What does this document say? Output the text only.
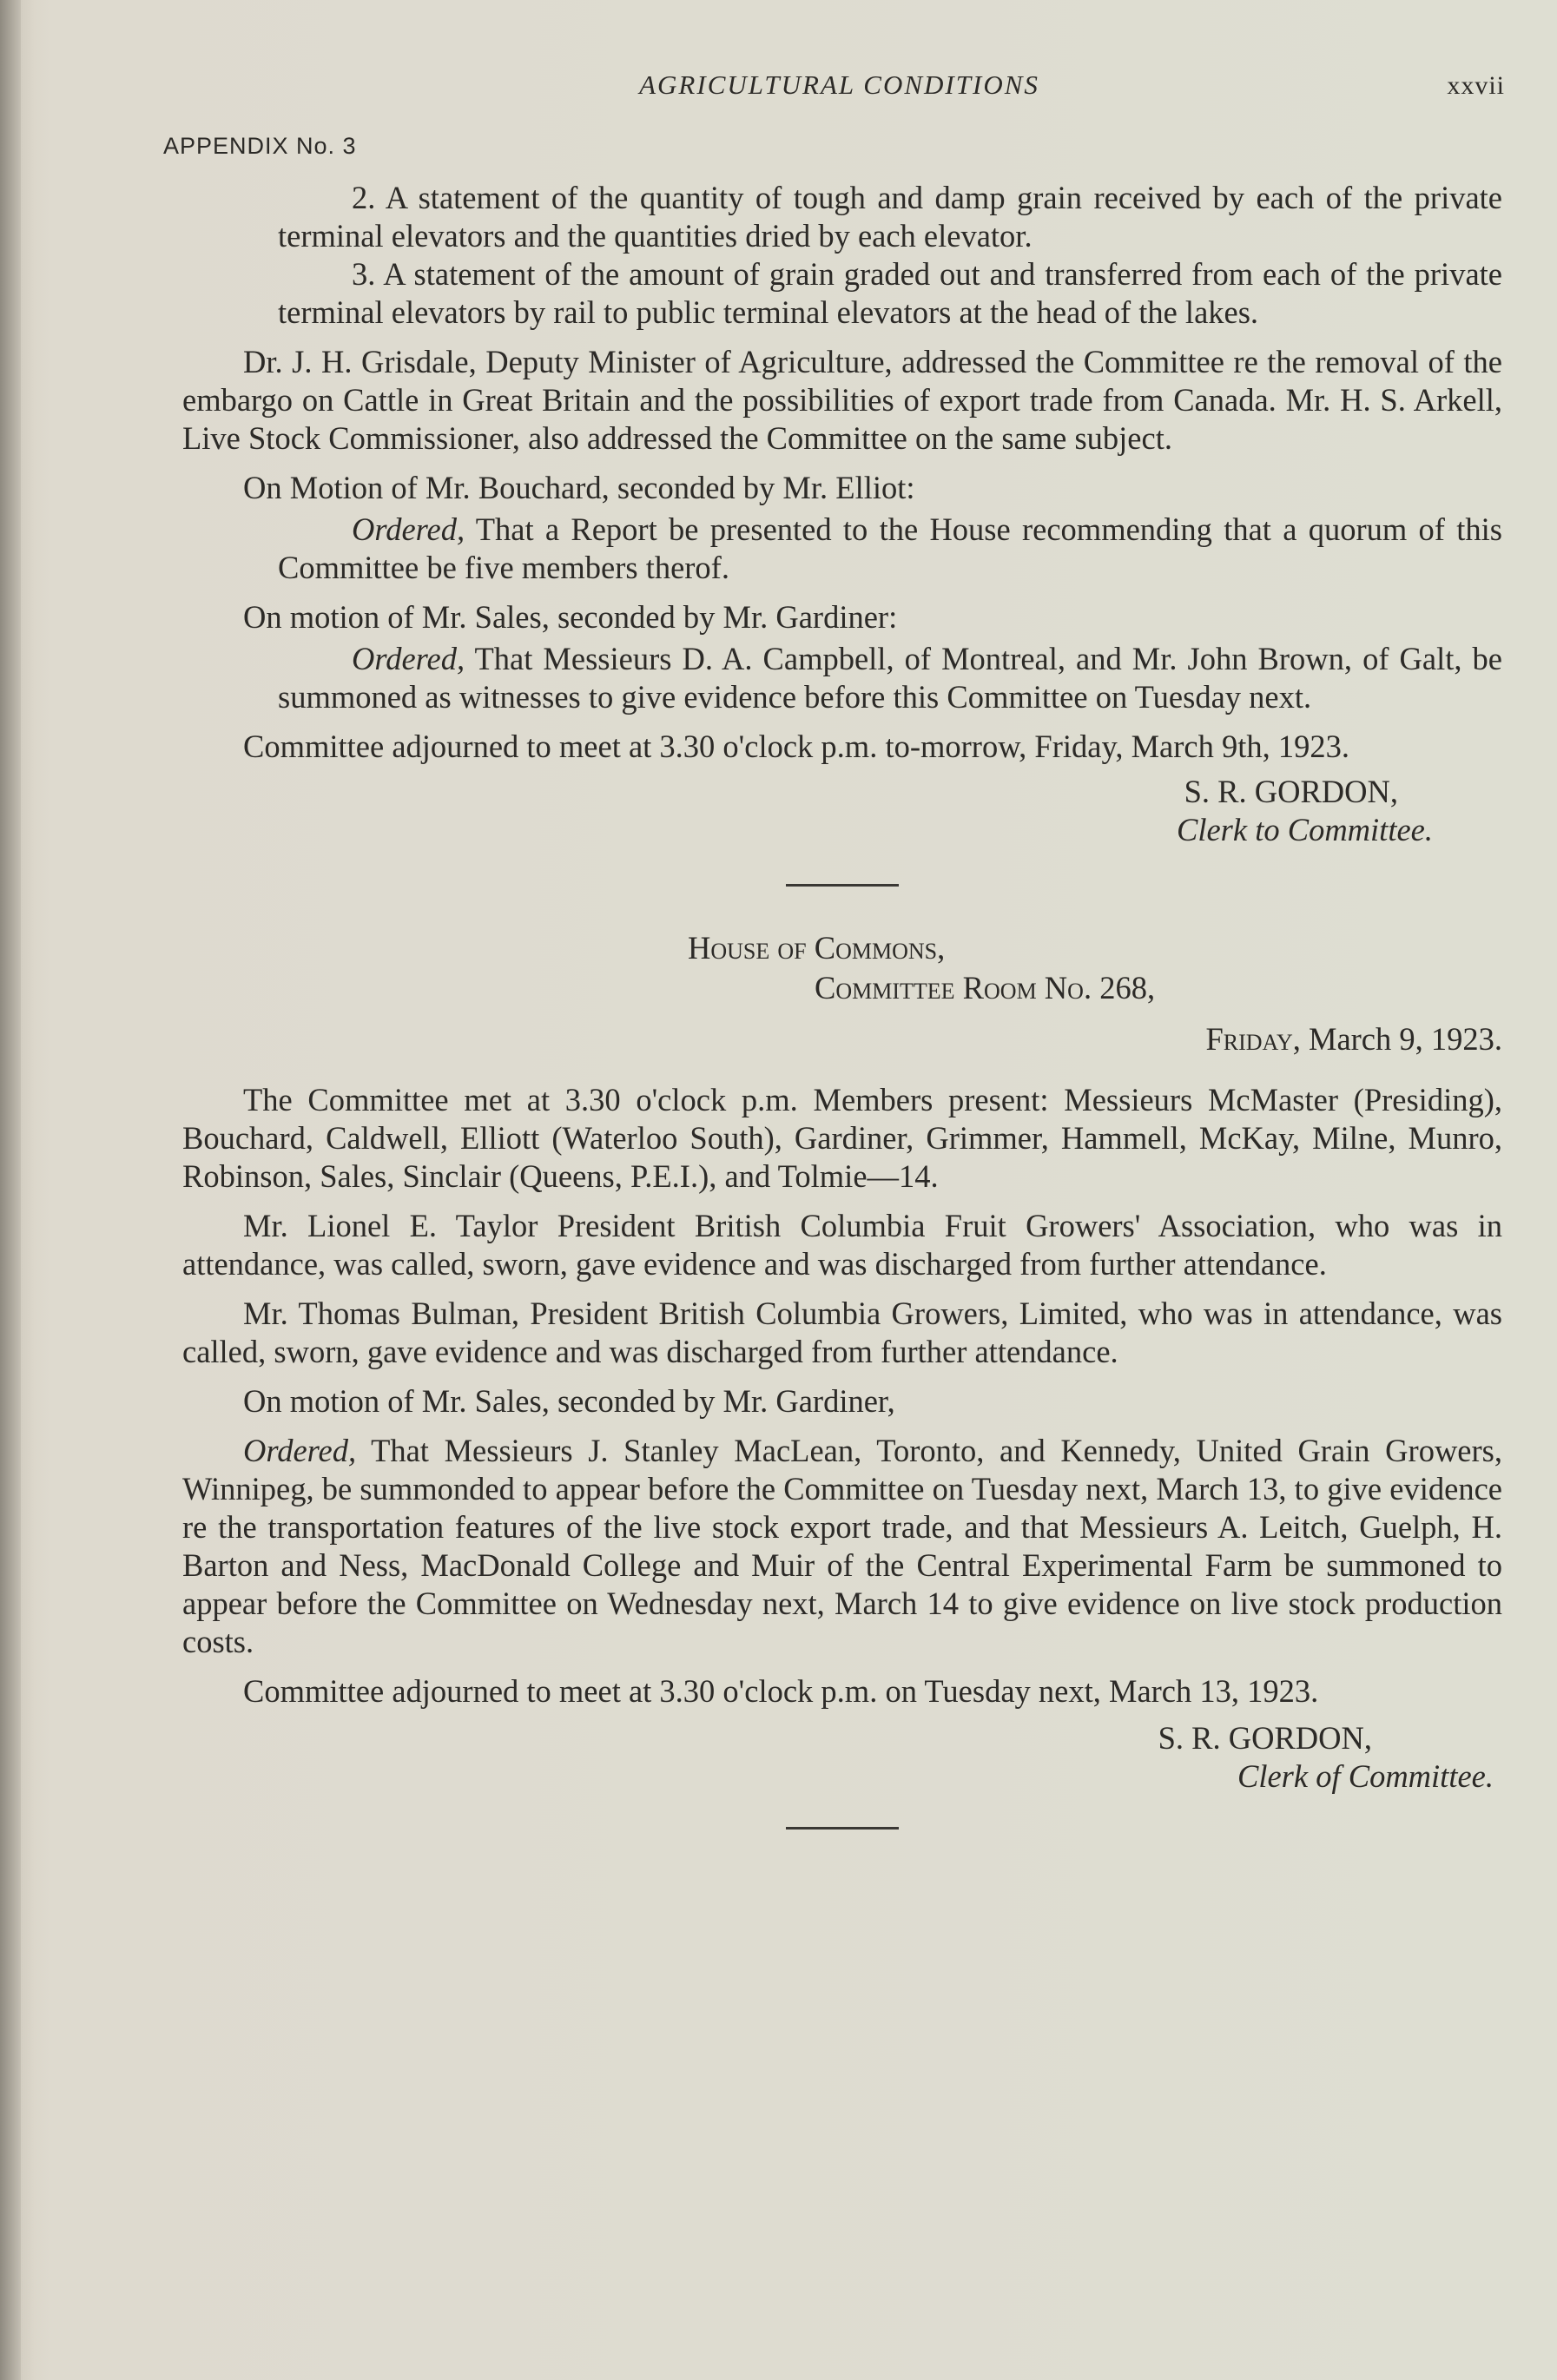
AGRICULTURAL CONDITIONS	xxvii
APPENDIX No. 3

2. A statement of the quantity of tough and damp grain received by each of the private terminal elevators and the quantities dried by each elevator.

3. A statement of the amount of grain graded out and transferred from each of the private terminal elevators by rail to public terminal elevators at the head of the lakes.

Dr. J. H. Grisdale, Deputy Minister of Agriculture, addressed the Committee re the removal of the embargo on Cattle in Great Britain and the possibilities of export trade from Canada. Mr. H. S. Arkell, Live Stock Commissioner, also addressed the Committee on the same subject.

On Motion of Mr. Bouchard, seconded by Mr. Elliot:

Ordered, That a Report be presented to the House recommending that a quorum of this Committee be five members therof.

On motion of Mr. Sales, seconded by Mr. Gardiner:

Ordered, That Messieurs D. A. Campbell, of Montreal, and Mr. John Brown, of Galt, be summoned as witnesses to give evidence before this Committee on Tuesday next.

Committee adjourned to meet at 3.30 o'clock p.m. to-morrow, Friday, March 9th, 1923.

S. R. GORDON,
Clerk to Committee.
House of Commons,
Committee Room No. 268,
Friday, March 9, 1923.

The Committee met at 3.30 o'clock p.m. Members present: Messieurs McMaster (Presiding), Bouchard, Caldwell, Elliott (Waterloo South), Gardiner, Grimmer, Hammell, McKay, Milne, Munro, Robinson, Sales, Sinclair (Queens, P.E.I.), and Tolmie—14.

Mr. Lionel E. Taylor President British Columbia Fruit Growers' Association, who was in attendance, was called, sworn, gave evidence and was discharged from further attendance.

Mr. Thomas Bulman, President British Columbia Growers, Limited, who was in attendance, was called, sworn, gave evidence and was discharged from further attendance.

On motion of Mr. Sales, seconded by Mr. Gardiner,

Ordered, That Messieurs J. Stanley MacLean, Toronto, and Kennedy, United Grain Growers, Winnipeg, be summonded to appear before the Committee on Tuesday next, March 13, to give evidence re the transportation features of the live stock export trade, and that Messieurs A. Leitch, Guelph, H. Barton and Ness, MacDonald College and Muir of the Central Experimental Farm be summoned to appear before the Committee on Wednesday next, March 14 to give evidence on live stock production costs.

Committee adjourned to meet at 3.30 o'clock p.m. on Tuesday next, March 13, 1923.

S. R. GORDON,
Clerk of Committee.
